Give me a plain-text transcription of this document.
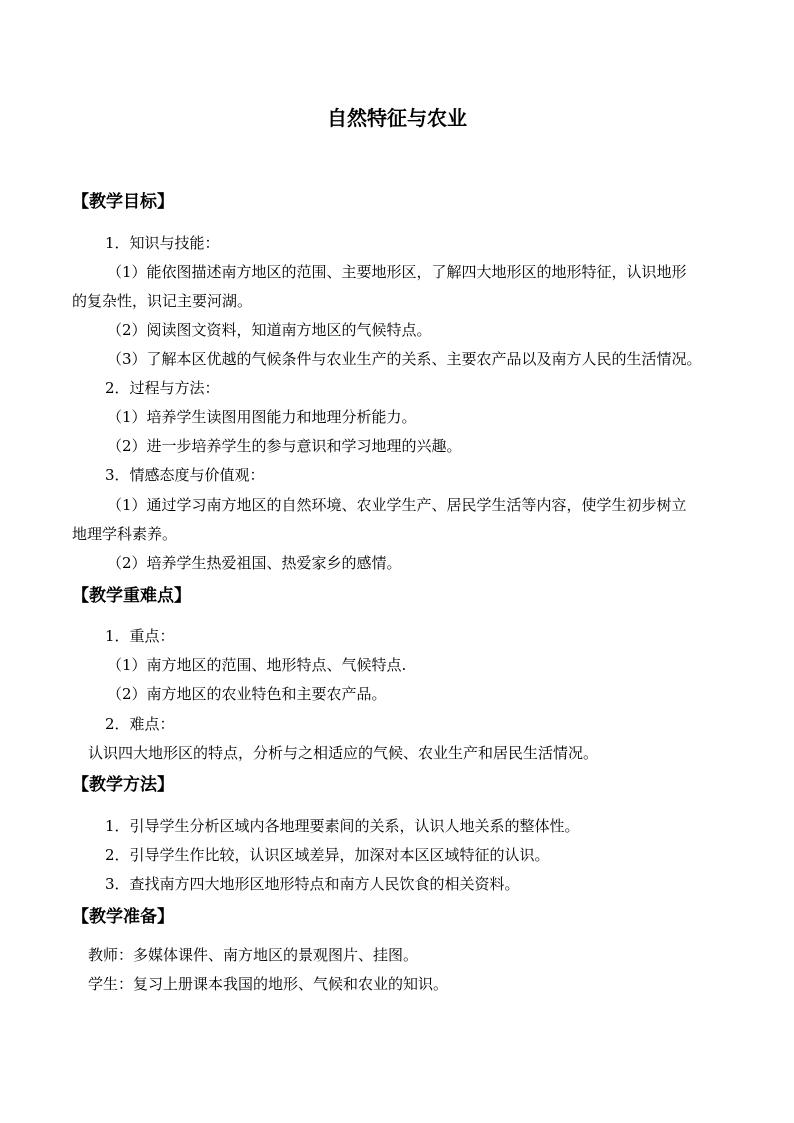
自然特征与农业
【教学目标】
1．知识与技能：
（1）能依图描述南方地区的范围、主要地形区，了解四大地形区的地形特征，认识地形
的复杂性，识记主要河湖。
（2）阅读图文资料，知道南方地区的气候特点。
（3）了解本区优越的气候条件与农业生产的关系、主要农产品以及南方人民的生活情况。
2．过程与方法：
（1）培养学生读图用图能力和地理分析能力。
（2）进一步培养学生的参与意识和学习地理的兴趣。
3．情感态度与价值观：
（1）通过学习南方地区的自然环境、农业学生产、居民学生活等内容，使学生初步树立
地理学科素养。
（2）培养学生热爱祖国、热爱家乡的感情。
【教学重难点】
1．重点：
（1）南方地区的范围、地形特点、气候特点.
（2）南方地区的农业特色和主要农产品。
2．难点：
认识四大地形区的特点，分析与之相适应的气候、农业生产和居民生活情况。
【教学方法】
1．引导学生分析区域内各地理要素间的关系，认识人地关系的整体性。
2．引导学生作比较，认识区域差异，加深对本区区域特征的认识。
3．查找南方四大地形区地形特点和南方人民饮食的相关资料。
【教学准备】
教师：多媒体课件、南方地区的景观图片、挂图。
学生：复习上册课本我国的地形、气候和农业的知识。
